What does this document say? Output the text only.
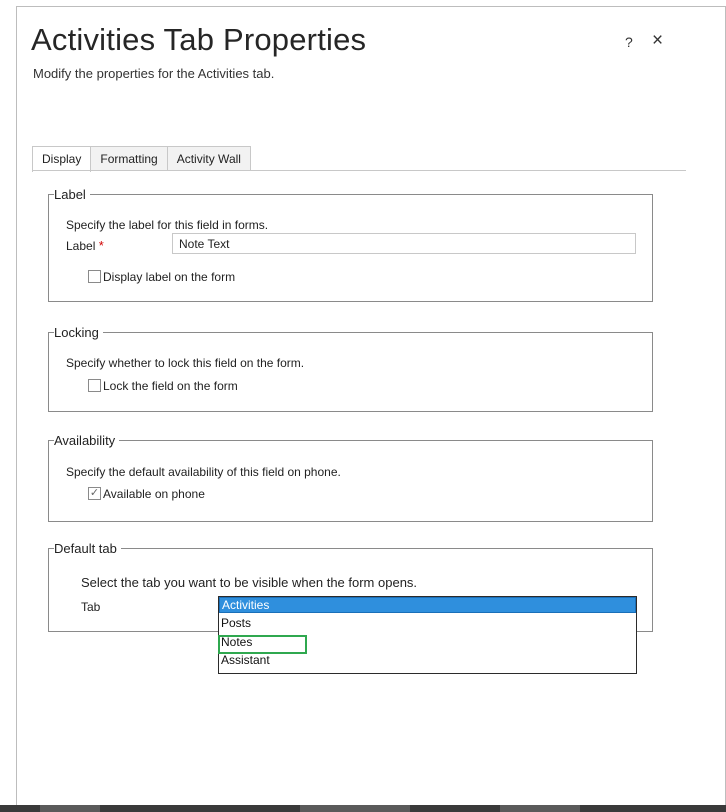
Activities Tab Properties
Modify the properties for the Activities tab.
? ×
Display	Formatting	Activity Wall
Label
Specify the label for this field in forms.
Label *	Note Text
Display label on the form
Locking
Specify whether to lock this field on the form.
Lock the field on the form
Availability
Specify the default availability of this field on phone.
✓ Available on phone
Default tab
Select the tab you want to be visible when the form opens.
Tab	Activities
Posts
Notes
Assistant
